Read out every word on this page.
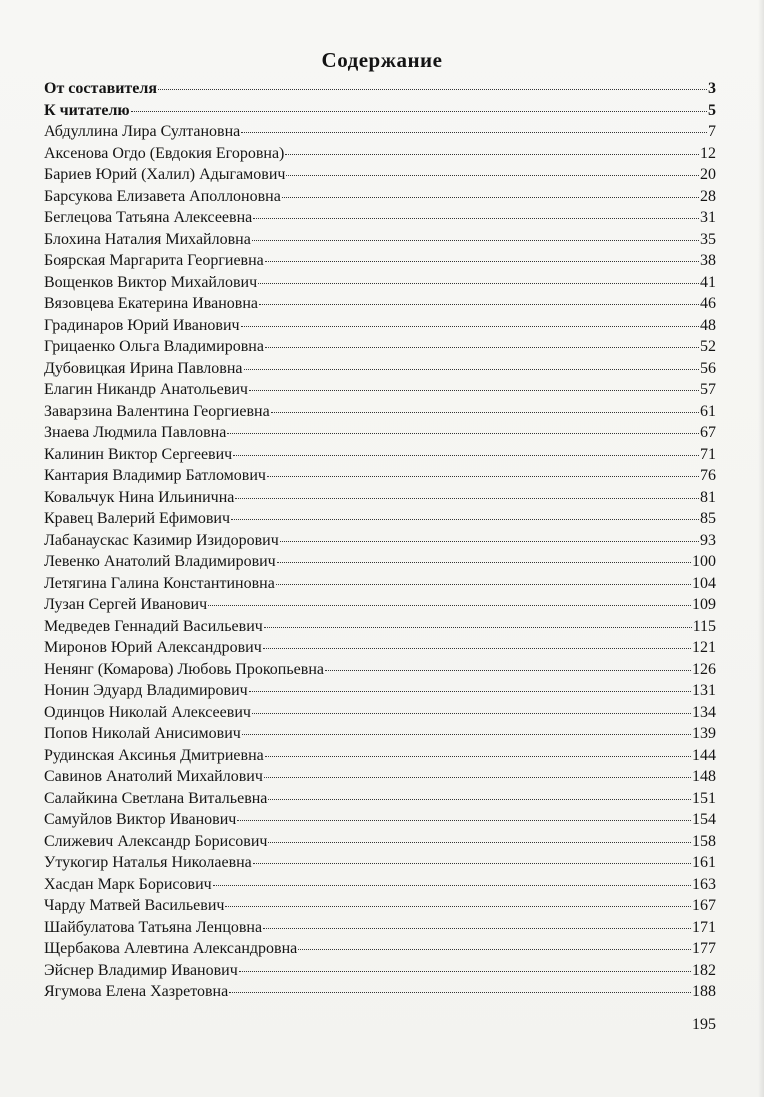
Содержание
От составителя	3
К читателю	5
Абдуллина Лира Султановна	7
Аксенова Огдо (Евдокия Егоровна)	12
Бариев Юрий (Халил) Адыгамович	20
Барсукова Елизавета Аполлоновна	28
Беглецова Татьяна Алексеевна	31
Блохина Наталия Михайловна	35
Боярская Маргарита Георгиевна	38
Вощенков Виктор Михайлович	41
Вязовцева Екатерина Ивановна	46
Градинаров Юрий Иванович	48
Грицаенко Ольга Владимировна	52
Дубовицкая Ирина Павловна	56
Елагин Никандр Анатольевич	57
Заварзина Валентина Георгиевна	61
Знаева Людмила Павловна	67
Калинин Виктор Сергеевич	71
Кантария Владимир Батломович	76
Ковальчук Нина Ильинична	81
Кравец Валерий Ефимович	85
Лабанаускас Казимир Изидорович	93
Левенко Анатолий Владимирович	100
Летягина Галина Константиновна	104
Лузан Сергей Иванович	109
Медведев Геннадий Васильевич	115
Миронов Юрий Александрович	121
Ненянг (Комарова) Любовь Прокопьевна	126
Нонин Эдуард Владимирович	131
Одинцов Николай Алексеевич	134
Попов Николай Анисимович	139
Рудинская Аксинья Дмитриевна	144
Савинов Анатолий Михайлович	148
Салайкина Светлана Витальевна	151
Самуйлов Виктор Иванович	154
Слижевич Александр Борисович	158
Утукогир Наталья Николаевна	161
Хасдан Марк Борисович	163
Чарду Матвей Васильевич	167
Шайбулатова Татьяна Ленцовна	171
Щербакова Алевтина Александровна	177
Эйснер Владимир Иванович	182
Ягумова Елена Хазретовна	188
195
